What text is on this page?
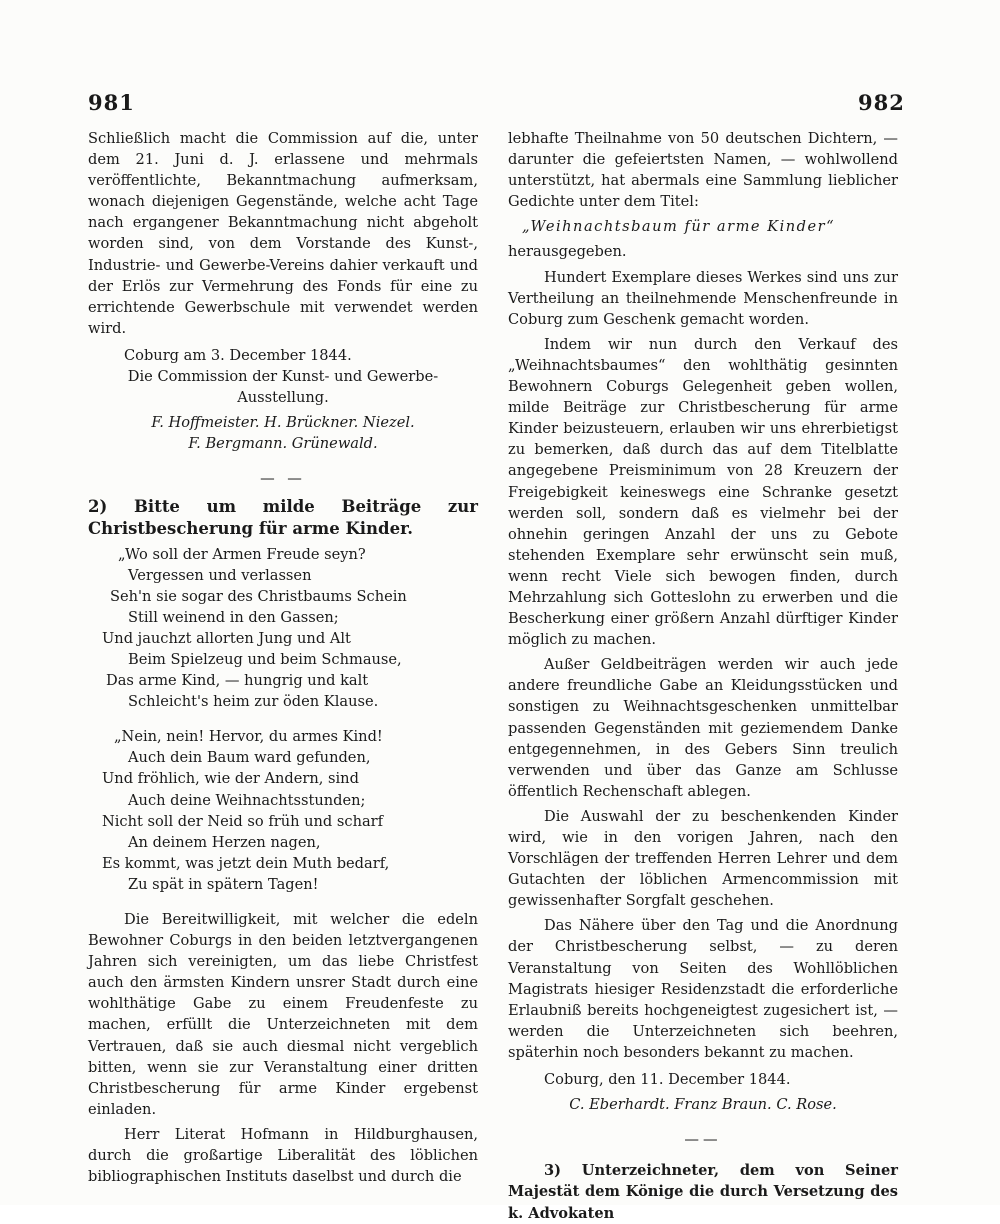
981	982

Schließlich macht die Commission auf die, unter dem 21. Juni d. J. erlassene und mehrmals veröffentlichte, Bekanntmachung aufmerksam, wonach diejenigen Gegenstände, welche acht Tage nach ergangener Bekanntmachung nicht abgeholt worden sind, von dem Vorstande des Kunst-, Industrie- und Gewerbe-Vereins dahier verkauft und der Erlös zur Vermehrung des Fonds für eine zu errichtende Gewerbschule mit verwendet werden wird.

Coburg am 3. December 1844.

Die Commission der Kunst- und Gewerbe-Ausstellung.

F. Hoffmeister. H. Brückner. Niezel.

F. Bergmann. Grünewald.

— —

2) Bitte um milde Beiträge zur Christbescherung für arme Kinder.

„Wo soll der Armen Freude seyn?
Vergessen und verlassen
Seh'n sie sogar des Christbaums Schein
Still weinend in den Gassen;
Und jauchzt allorten Jung und Alt
Beim Spielzeug und beim Schmause,
Das arme Kind, — hungrig und kalt
Schleicht's heim zur öden Klause.
„Nein, nein! Hervor, du armes Kind!
Auch dein Baum ward gefunden,
Und fröhlich, wie der Andern, sind
Auch deine Weihnachtsstunden;
Nicht soll der Neid so früh und scharf
An deinem Herzen nagen,
Es kommt, was jetzt dein Muth bedarf,
Zu spät in spätern Tagen!

Die Bereitwilligkeit, mit welcher die edeln Bewohner Coburgs in den beiden letztvergangenen Jahren sich vereinigten, um das liebe Christfest auch den ärmsten Kindern unsrer Stadt durch eine wohlthätige Gabe zu einem Freudenfeste zu machen, erfüllt die Unterzeichneten mit dem Vertrauen, daß sie auch diesmal nicht vergeblich bitten, wenn sie zur Veranstaltung einer dritten Christbescherung für arme Kinder ergebenst einladen.

Herr Literat Hofmann in Hildburghausen, durch die großartige Liberalität des löblichen bibliographischen Instituts daselbst und durch die

lebhafte Theilnahme von 50 deutschen Dichtern, — darunter die gefeiertsten Namen, — wohlwollend unterstützt, hat abermals eine Sammlung lieblicher Gedichte unter dem Titel:

„Weihnachtsbaum für arme Kinder“

herausgegeben.

Hundert Exemplare dieses Werkes sind uns zur Vertheilung an theilnehmende Menschenfreunde in Coburg zum Geschenk gemacht worden.

Indem wir nun durch den Verkauf des „Weihnachtsbaumes“ den wohlthätig gesinnten Bewohnern Coburgs Gelegenheit geben wollen, milde Beiträge zur Christbescherung für arme Kinder beizusteuern, erlauben wir uns ehrerbietigst zu bemerken, daß durch das auf dem Titelblatte angegebene Preisminimum von 28 Kreuzern der Freigebigkeit keineswegs eine Schranke gesetzt werden soll, sondern daß es vielmehr bei der ohnehin geringen Anzahl der uns zu Gebote stehenden Exemplare sehr erwünscht sein muß, wenn recht Viele sich bewogen finden, durch Mehrzahlung sich Gotteslohn zu erwerben und die Bescherkung einer größern Anzahl dürftiger Kinder möglich zu machen.

Außer Geldbeiträgen werden wir auch jede andere freundliche Gabe an Kleidungsstücken und sonstigen zu Weihnachtsgeschenken unmittelbar passenden Gegenständen mit geziemendem Danke entgegennehmen, in des Gebers Sinn treulich verwenden und über das Ganze am Schlusse öffentlich Rechenschaft ablegen.

Die Auswahl der zu beschenkenden Kinder wird, wie in den vorigen Jahren, nach den Vorschlägen der treffenden Herren Lehrer und dem Gutachten der löblichen Armencommission mit gewissenhafter Sorgfalt geschehen.

Das Nähere über den Tag und die Anordnung der Christbescherung selbst, — zu deren Veranstaltung von Seiten des Wohllöblichen Magistrats hiesiger Residenzstadt die erforderliche Erlaubniß bereits hochgeneigtest zugesichert ist, — werden die Unterzeichneten sich beehren, späterhin noch besonders bekannt zu machen.

Coburg, den 11. December 1844.

C. Eberhardt. Franz Braun. C. Rose.

——

3) Unterzeichneter, dem von Seiner Majestät dem Könige die durch Versetzung des k. Advokaten
